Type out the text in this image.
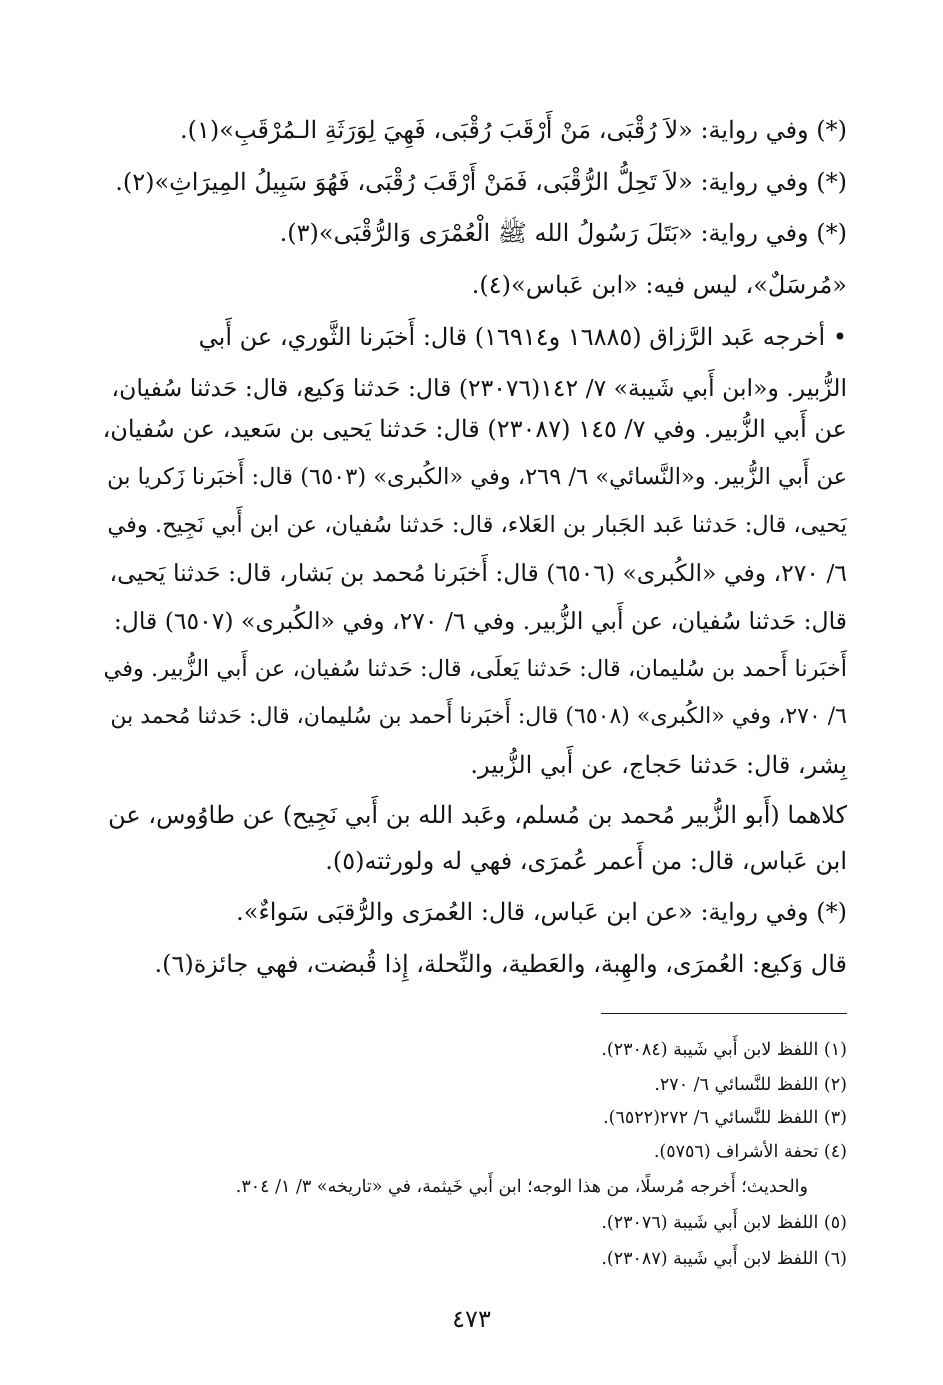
(*) وفي رواية: «لاَ رُقْبَى، مَنْ أَرْقَبَ رُقْبَى، فَهِيَ لِوَرَثَةِ الـمُرْقَبِ»(١).
(*) وفي رواية: «لاَ تَحِلُّ الرُّقْبَى، فَمَنْ أَرْقَبَ رُقْبَى، فَهُوَ سَبِيلُ المِيرَاثِ»(٢).
(*) وفي رواية: «بَتَلَ رَسُولُ الله ﷺ الْعُمْرَى وَالرُّقْبَى»(٣).
«مُرسَلٌ»، ليس فيه: «ابن عَباس»(٤).
• أخرجه عَبد الرَّزاق (١٦٨٨٥ و١٦٩١٤) قال: أَخبَرنا الثَّوري، عن أَبي
الزُّبير. و«ابن أَبي شَيبة» ٧/ ١٤٢(٢٣٠٧٦) قال: حَدثنا وَكيع، قال: حَدثنا سُفيان،
عن أَبي الزُّبير. وفي ٧/ ١٤٥ (٢٣٠٨٧) قال: حَدثنا يَحيى بن سَعيد، عن سُفيان،
عن أَبي الزُّبير. و«النَّسائي» ٦/ ٢٦٩، وفي «الكُبرى» (٦٥٠٣) قال: أَخبَرنا زَكريا بن
يَحيى، قال: حَدثنا عَبد الجَبار بن العَلاء، قال: حَدثنا سُفيان، عن ابن أَبي نَجِيح. وفي
٦/ ٢٧٠، وفي «الكُبرى» (٦٥٠٦) قال: أَخبَرنا مُحمد بن بَشار، قال: حَدثنا يَحيى،
قال: حَدثنا سُفيان، عن أَبي الزُّبير. وفي ٦/ ٢٧٠، وفي «الكُبرى» (٦٥٠٧) قال:
أَخبَرنا أَحمد بن سُليمان، قال: حَدثنا يَعلَى، قال: حَدثنا سُفيان، عن أَبي الزُّبير. وفي
٦/ ٢٧٠، وفي «الكُبرى» (٦٥٠٨) قال: أَخبَرنا أَحمد بن سُليمان، قال: حَدثنا مُحمد بن
بِشر، قال: حَدثنا حَجاج، عن أَبي الزُّبير.
كلاهما (أَبو الزُّبير مُحمد بن مُسلم، وعَبد الله بن أَبي نَجِيح) عن طاوُوس، عن
ابن عَباس، قال: من أَعمر عُمرَى، فهي له ولورثته(٥).
(*) وفي رواية: «عن ابن عَباس، قال: العُمرَى والرُّقبَى سَواءٌ».
قال وَكيع: العُمرَى، والهِبة، والعَطية، والنِّحلة، إِذا قُبضت، فهي جائزة(٦).
(١) اللفظ لابن أَبي شَيبة (٢٣٠٨٤).
(٢) اللفظ للنَّسائي ٦/ ٢٧٠.
(٣) اللفظ للنَّسائي ٦/ ٢٧٢(٦٥٢٢).
(٤) تحفة الأشراف (٥٧٥٦).
والحديث؛ أَخرجه مُرسلًا، من هذا الوجه؛ ابن أَبي خَيثمة، في «تاريخه» ٣/ ١/ ٣٠٤.
(٥) اللفظ لابن أَبي شَيبة (٢٣٠٧٦).
(٦) اللفظ لابن أَبي شَيبة (٢٣٠٨٧).
٤٧٣
